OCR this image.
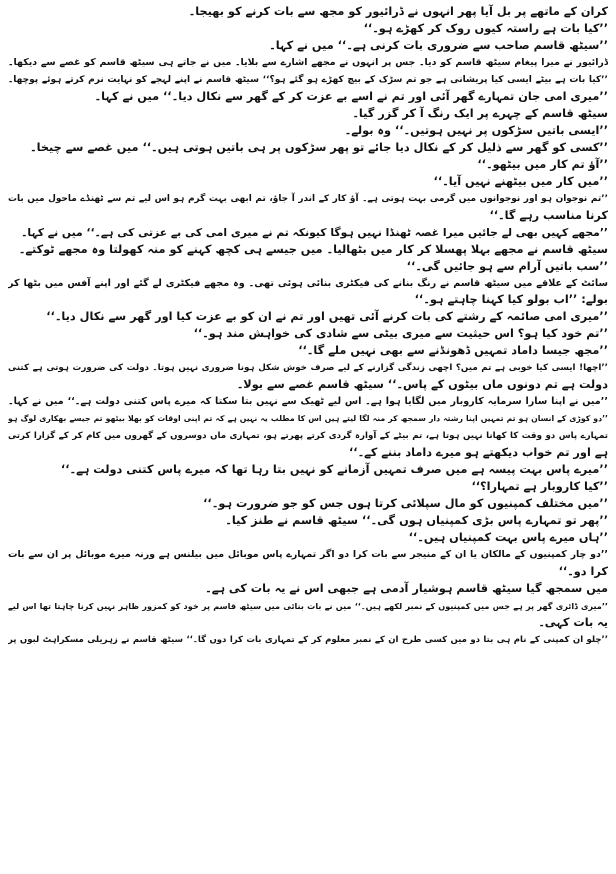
کران کے ماتھے پر بل آیا پھر انہوں نے ڈرائیور کو مجھ سے بات کرنے کو بھیجا۔
’’کیا بات ہے راستہ کیوں روک کر کھڑے ہو۔‘‘
’’سیٹھ قاسم صاحب سے ضروری بات کرنی ہے۔‘‘ میں نے کہا۔
ڈرائیور نے میرا پیغام سیٹھ قاسم کو دیا۔ جس پر انہوں نے مجھے اشارے سے بلایا۔ میں نے جاتے ہی سیٹھ قاسم کو غصے سے دیکھا۔
’’کیا بات ہے بیٹے ایسی کیا پریشانی ہے جو تم سڑک کے بیچ کھڑے ہو گئے ہو؟‘‘ سیٹھ قاسم نے اپنے لہجے کو نہایت نرم کرتے ہوئے پوچھا۔
’’میری امی جان تمہارے گھر آئی اور تم نے اسے بے عزت کر کے گھر سے نکال دیا۔‘‘ میں نے کہا۔
سیٹھ قاسم کے چہرے پر ایک رنگ آ کر گزر گیا۔
’’ایسی باتیں سڑکوں پر نہیں ہوتیں۔‘‘ وہ بولے۔
’’کسی کو گھر سے ذلیل کر کے نکال دیا جائے تو پھر سڑکوں پر ہی باتیں ہوتی ہیں۔‘‘ میں غصے سے چیخا۔
’’آؤ تم کار میں بیٹھو۔‘‘
’’میں کار میں بیٹھنے نہیں آیا۔‘‘
’’تم نوجوان ہو اور نوجوانوں میں گرمی بہت ہوتی ہے۔ آؤ کار کے اندر آ جاؤ، تم ابھی بہت گرم ہو اس لیے تم سے ٹھنڈے ماحول میں بات
کرنا مناسب رہے گا۔‘‘
’’مجھے کہیں بھی لے جائیں میرا غصہ ٹھنڈا نہیں ہوگا کیونکہ تم نے میری امی کی بے عزتی کی ہے۔‘‘ میں نے کہا۔
سیٹھ قاسم نے مجھے بہلا پھسلا کر کار میں بٹھالیا۔ میں جیسے ہی کچھ کہنے کو منہ کھولتا وہ مجھے ٹوکتے۔
’’سب باتیں آرام سے ہو جائیں گی۔‘‘
سائٹ کے علاقے میں سیٹھ قاسم نے رنگ بنانے کی فیکٹری بنائی ہوئی تھی۔ وہ مجھے فیکٹری لے گئے اور اپنے آفس میں بٹھا کر
بولے: ’’اب بولو کیا کہنا چاہتے ہو۔‘‘
’’میری امی صائمہ کے رشتے کی بات کرنے آئی تھیں اور تم نے ان کو بے عزت کیا اور گھر سے نکال دیا۔‘‘
’’تم خود کیا ہو؟ اس حیثیت سے میری بیٹی سے شادی کی خواہش مند ہو۔‘‘
’’مجھ جیسا داماد تمہیں ڈھونڈنے سے بھی نہیں ملے گا۔‘‘
’’اچھا! ایسی کیا خوبی ہے تم میں؟ اچھی زندگی گزارنے کے لیے صرف خوش شکل ہونا ضروری نہیں ہوتا۔ دولت کی ضرورت ہوتی ہے کتنی
دولت ہے تم دونوں ماں بیٹوں کے پاس۔‘‘ سیٹھ قاسم غصے سے بولا۔
’’میں نے اپنا سارا سرمایہ کاروبار میں لگایا ہوا ہے۔ اس لیے ٹھیک سے نہیں بتا سکتا کہ میرے پاس کتنی دولت ہے۔‘‘ میں نے کہا۔
’’دو کوڑی کے انسان ہو تم تمہیں اپنا رشتہ دار سمجھ کر منہ لگا لیتے ہیں اس کا مطلب یہ نہیں ہے کہ تم اپنی اوقات کو بھلا بیٹھو تم جیسے بھکاری لوگ ہو
تمہارے پاس دو وقت کا کھانا نہیں ہوتا ہے، تم بیٹے کے آوارہ گردی کرتے پھرتے ہو، تمہاری ماں دوسروں کے گھروں میں کام کر کے گزارا کرتی
ہے اور تم خواب دیکھتے ہو میرے داماد بننے کے۔‘‘
’’میرے پاس بہت پیسہ ہے میں صرف تمہیں آزمانے کو نہیں بتا رہا تھا کہ میرے پاس کتنی دولت ہے۔‘‘
’’کیا کاروبار ہے تمہارا؟‘‘
’’میں مختلف کمپنیوں کو مال سپلائی کرتا ہوں جس کو جو ضرورت ہو۔‘‘
’’پھر تو تمہارے پاس بڑی کمپنیاں ہوں گی۔‘‘ سیٹھ قاسم نے طنز کیا۔
’’ہاں میرے پاس بہت کمپنیاں ہیں۔‘‘
’’دو چار کمپنیوں کے مالکان یا ان کے منیجر سے بات کرا دو اگر تمہارے پاس موبائل میں بیلنس ہے ورنہ میرے موبائل پر ان سے بات
کرا دو۔‘‘
میں سمجھ گیا سیٹھ قاسم ہوشیار آدمی ہے جبھی اس نے یہ بات کی ہے۔
’’میری ڈائری گھر پر ہے جس میں کمپنیوں کے نمبر لکھے ہیں۔‘‘ میں نے بات بنائی میں سیٹھ قاسم پر خود کو کمزور ظاہر نہیں کرنا چاہتا تھا اس لیے
یہ بات کہی۔
’’چلو ان کمپنی کے نام ہی بتا دو میں کسی طرح ان کے نمبر معلوم کر کے تمہاری بات کرا دوں گا۔‘‘ سیٹھ قاسم نے زہریلی مسکراہٹ لبوں پر
